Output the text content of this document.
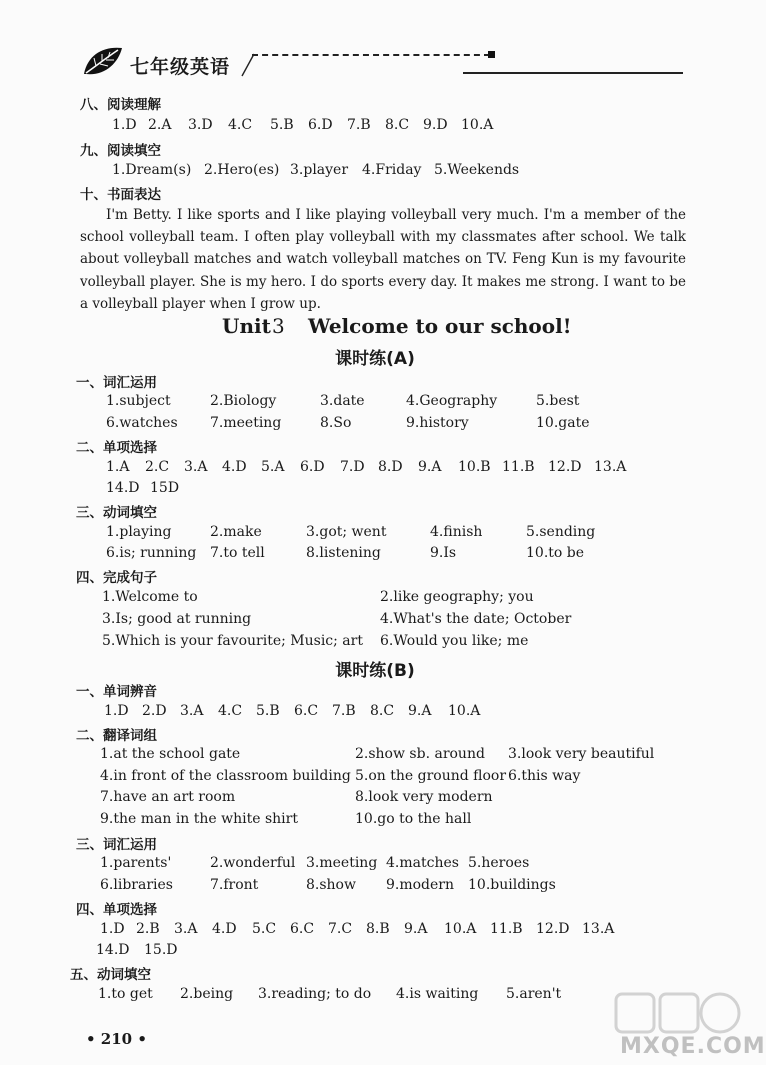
七年级英语
八、阅读理解
1.D 2.A 3.D 4.C 5.B 6.D 7.B 8.C 9.D 10.A
九、阅读填空
1.Dream(s) 2.Hero(es) 3.player 4.Friday 5.Weekends
十、书面表达
I'm Betty. I like sports and I like playing volleyball very much. I'm a member of the school volleyball team. I often play volleyball with my classmates after school. We talk about volleyball matches and watch volleyball matches on TV. Feng Kun is my favourite volleyball player. She is my hero. I do sports every day. It makes me strong. I want to be a volleyball player when I grow up.
Unit 3 Welcome to our school!
课时练(A)
一、词汇运用
1.subject	2.Biology	3.date	4.Geography	5.best
6.watches 7.meeting	8.So	9.history	10.gate
二、单项选择
1.A 2.C 3.A 4.D 5.A 6.D 7.D 8.D 9.A 10.B 11.B 12.D 13.A
14.D 15D
三、动词填空
1.playing	2.make	3.got; went	4.finish	5.sending
6.is; running 7.to tell	8.listening	9.Is	10.to be
四、完成句子
1.Welcome to	2.like geography; you
3.Is; good at running	4.What's the date; October
5.Which is your favourite; Music; art 6.Would you like; me
课时练(B)
一、单词辨音
1.D 2.D 3.A 4.C 5.B 6.C 7.B 8.C 9.A 10.A
二、翻译词组
1.at the school gate	2.show sb. around 3.look very beautiful
4.in front of the classroom building 5.on the ground floor 6.this way
7.have an art room	8.look very modern
9.the man in the white shirt	10.go to the hall
三、词汇运用
1.parents'	2.wonderful 3.meeting 4.matches 5.heroes
6.libraries	7.front	8.show 9.modern 10.buildings
四、单项选择
1.D 2.B 3.A 4.D 5.C 6.C 7.C 8.B 9.A 10.A 11.B 12.D 13.A
14.D 15.D
五、动词填空
1.to get 2.being 3.reading; to do 4.is waiting 5.aren't
• 210 •	MXQE.COM
